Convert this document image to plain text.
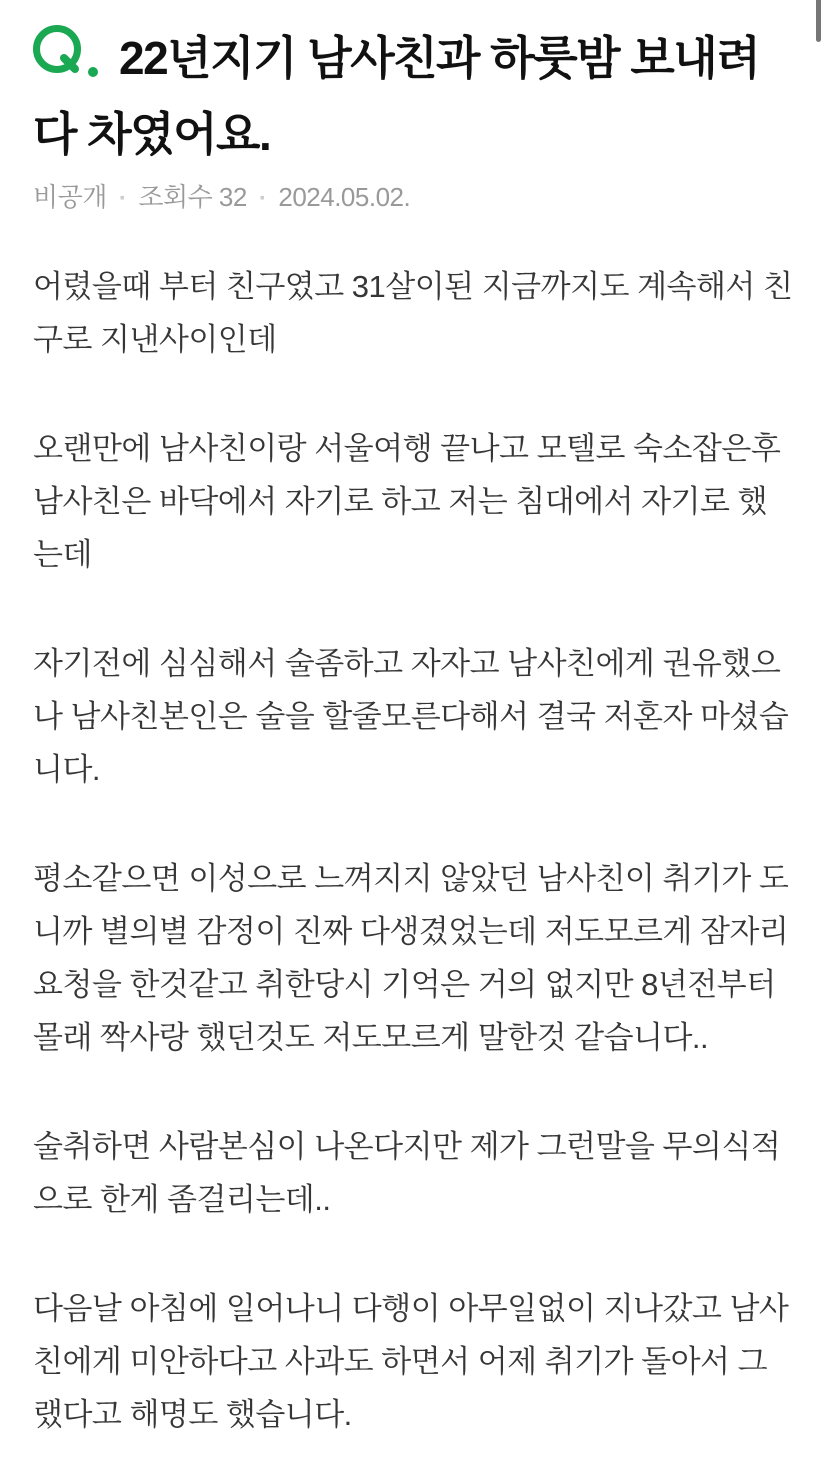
22년지기 남사친과 하룻밤 보내려다 차였어요.
비공개 · 조회수 32 · 2024.05.02.

어렸을때 부터 친구였고 31살이된 지금까지도 계속해서 친구로 지낸사이인데

오랜만에 남사친이랑 서울여행 끝나고 모텔로 숙소잡은후 남사친은 바닥에서 자기로 하고 저는 침대에서 자기로 했는데

자기전에 심심해서 술좀하고 자자고 남사친에게 권유했으나 남사친본인은 술을 할줄모른다해서 결국 저혼자 마셨습니다.

평소같으면 이성으로 느껴지지 않았던 남사친이 취기가 도니까 별의별 감정이 진짜 다생겼었는데 저도모르게 잠자리 요청을 한것같고 취한당시 기억은 거의 없지만 8년전부터 몰래 짝사랑 했던것도 저도모르게 말한것 같습니다..

술취하면 사람본심이 나온다지만 제가 그런말을 무의식적으로 한게 좀걸리는데..

다음날 아침에 일어나니 다행이 아무일없이 지나갔고 남사친에게 미안하다고 사과도 하면서 어제 취기가 돌아서 그랬다고 해명도 했습니다.
